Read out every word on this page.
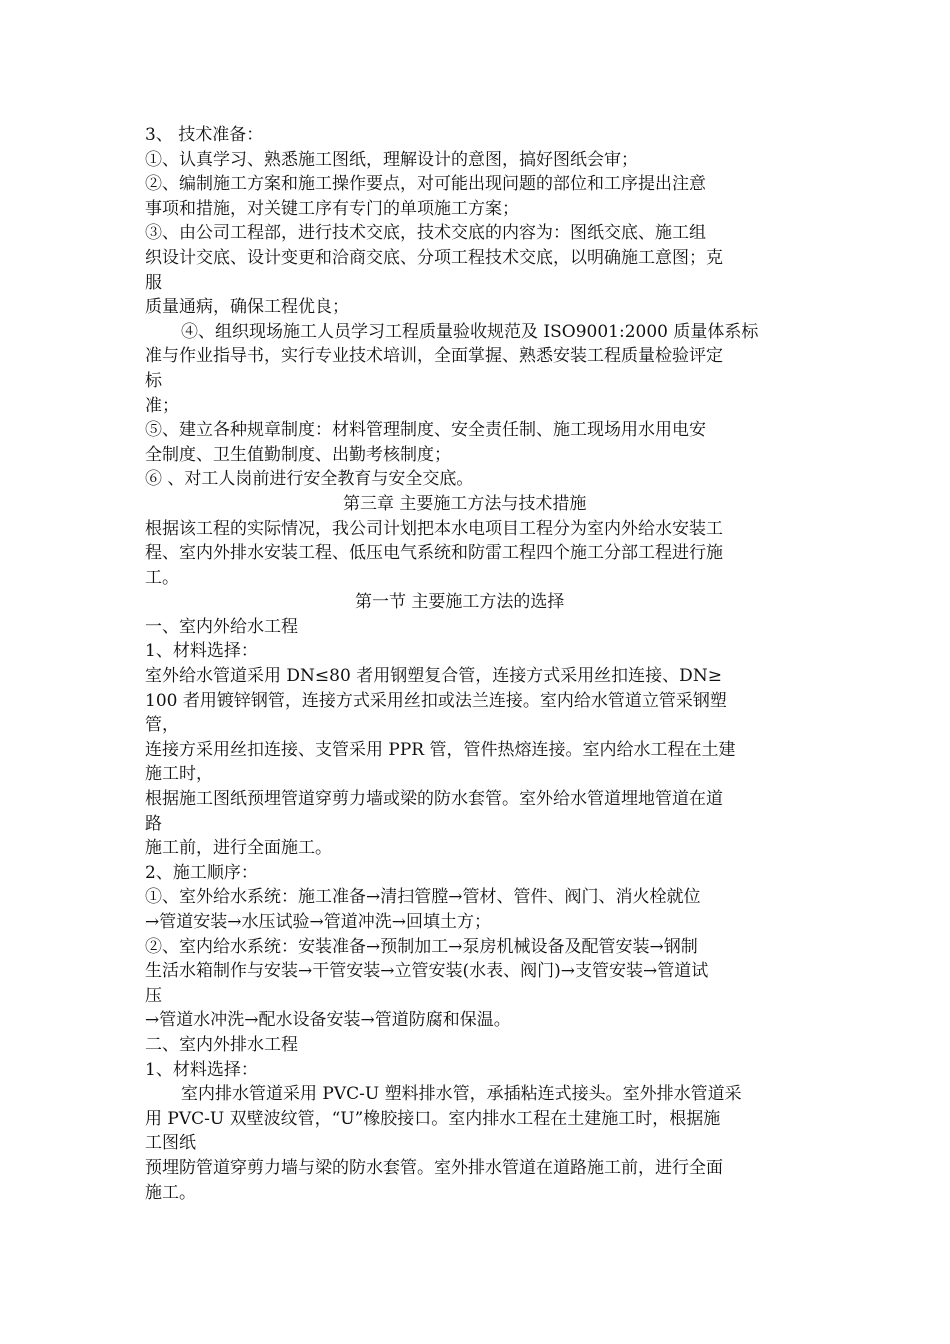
3、 技术准备：
①、认真学习、熟悉施工图纸，理解设计的意图，搞好图纸会审；
②、编制施工方案和施工操作要点，对可能出现问题的部位和工序提出注意
事项和措施，对关键工序有专门的单项施工方案；
③、由公司工程部，进行技术交底，技术交底的内容为：图纸交底、施工组
织设计交底、设计变更和洽商交底、分项工程技术交底，以明确施工意图；克
服
质量通病，确保工程优良；
④、组织现场施工人员学习工程质量验收规范及 ISO9001:2000 质量体系标
准与作业指导书，实行专业技术培训，全面掌握、熟悉安装工程质量检验评定
标
准；
⑤、建立各种规章制度：材料管理制度、安全责任制、施工现场用水用电安
全制度、卫生值勤制度、出勤考核制度；
⑥ 、对工人岗前进行安全教育与安全交底。
第三章 主要施工方法与技术措施
根据该工程的实际情况，我公司计划把本水电项目工程分为室内外给水安装工
程、室内外排水安装工程、低压电气系统和防雷工程四个施工分部工程进行施
工。
第一节 主要施工方法的选择
一、室内外给水工程
1、材料选择：
室外给水管道采用 DN≤80 者用钢塑复合管，连接方式采用丝扣连接、DN≥
100 者用镀锌钢管，连接方式采用丝扣或法兰连接。室内给水管道立管采钢塑
管，
连接方采用丝扣连接、支管采用 PPR 管，管件热熔连接。室内给水工程在土建
施工时，
根据施工图纸预埋管道穿剪力墙或梁的防水套管。室外给水管道埋地管道在道
路
施工前，进行全面施工。
2、施工顺序：
①、室外给水系统：施工准备→清扫管膛→管材、管件、阀门、消火栓就位
→管道安装→水压试验→管道冲洗→回填土方；
②、室内给水系统：安装准备→预制加工→泵房机械设备及配管安装→钢制
生活水箱制作与安装→干管安装→立管安装(水表、阀门)→支管安装→管道试
压
→管道水冲洗→配水设备安装→管道防腐和保温。
二、室内外排水工程
1、材料选择：
室内排水管道采用 PVC-U 塑料排水管，承插粘连式接头。室外排水管道采
用 PVC-U 双壁波纹管，“U”橡胶接口。室内排水工程在土建施工时，根据施
工图纸
预埋防管道穿剪力墙与梁的防水套管。室外排水管道在道路施工前，进行全面
施工。
